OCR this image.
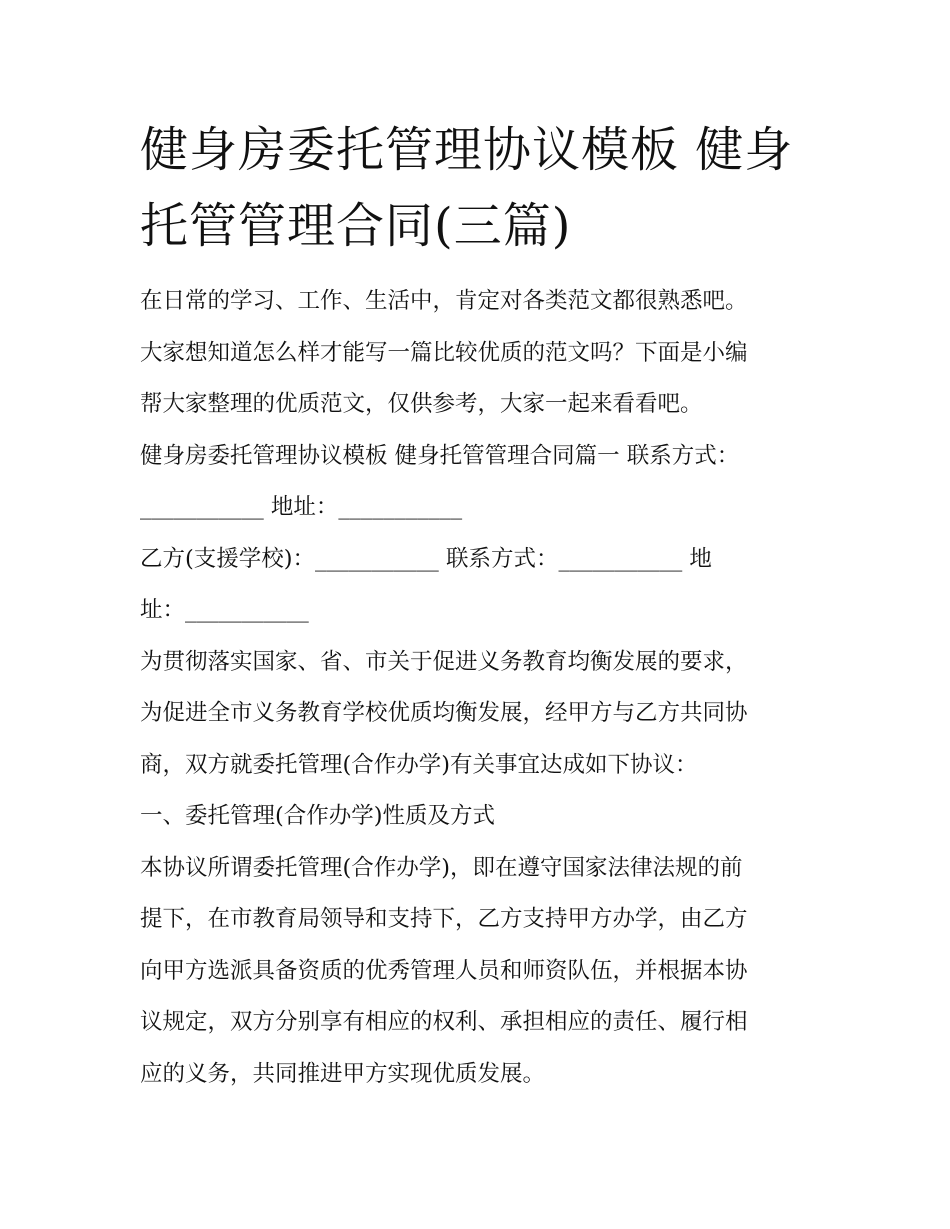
健身房委托管理协议模板 健身
托管管理合同(三篇)
在日常的学习、工作、生活中，肯定对各类范文都很熟悉吧。
大家想知道怎么样才能写一篇比较优质的范文吗？下面是小编
帮大家整理的优质范文，仅供参考，大家一起来看看吧。
健身房委托管理协议模板 健身托管管理合同篇一 联系方式：
___________ 地址：___________
乙方(支援学校)：___________ 联系方式：___________ 地
址：___________
为贯彻落实国家、省、市关于促进义务教育均衡发展的要求，
为促进全市义务教育学校优质均衡发展，经甲方与乙方共同协
商，双方就委托管理(合作办学)有关事宜达成如下协议：
一、委托管理(合作办学)性质及方式
本协议所谓委托管理(合作办学)，即在遵守国家法律法规的前
提下，在市教育局领导和支持下，乙方支持甲方办学，由乙方
向甲方选派具备资质的优秀管理人员和师资队伍，并根据本协
议规定，双方分别享有相应的权利、承担相应的责任、履行相
应的义务，共同推进甲方实现优质发展。
